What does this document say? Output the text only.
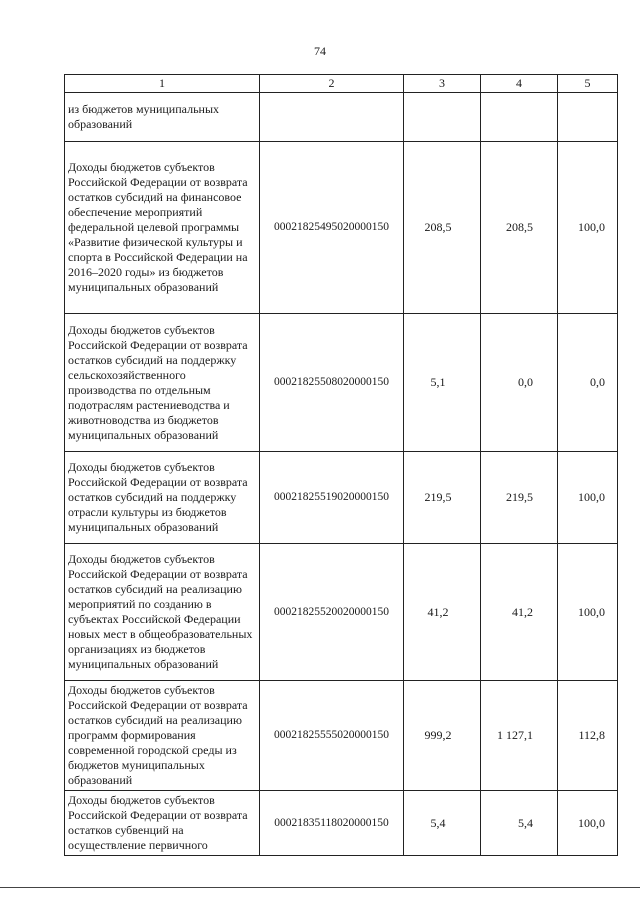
74
1	2	3	4	5
из бюджетов муниципальных образований				
Доходы бюджетов субъектов Российской Федерации от возврата остатков субсидий на финансовое обеспечение мероприятий федеральной целевой программы «Развитие физической культуры и спорта в Российской Федерации на 2016–2020 годы» из бюджетов муниципальных образований	00021825495020000150	208,5	208,5	100,0
Доходы бюджетов субъектов Российской Федерации от возврата остатков субсидий на поддержку сельскохозяйственного производства по отдельным подотраслям растениеводства и животноводства из бюджетов муниципальных образований	00021825508020000150	5,1	0,0	0,0
Доходы бюджетов субъектов Российской Федерации от возврата остатков субсидий на поддержку отрасли культуры из бюджетов муниципальных образований	00021825519020000150	219,5	219,5	100,0
Доходы бюджетов субъектов Российской Федерации от возврата остатков субсидий на реализацию мероприятий по созданию в субъектах Российской Федерации новых мест в общеобразовательных организациях из бюджетов муниципальных образований	00021825520020000150	41,2	41,2	100,0
Доходы бюджетов субъектов Российской Федерации от возврата остатков субсидий на реализацию программ формирования современной городской среды из бюджетов муниципальных образований	00021825555020000150	999,2	1 127,1	112,8
Доходы бюджетов субъектов Российской Федерации от возврата остатков субвенций на осуществление первичного	00021835118020000150	5,4	5,4	100,0
